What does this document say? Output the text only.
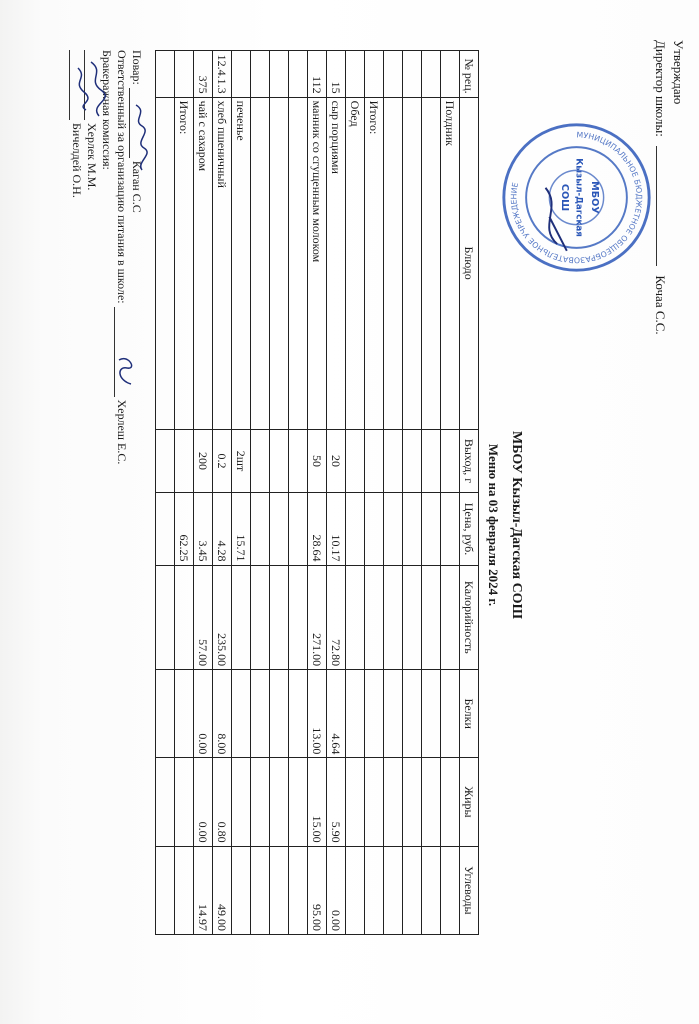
Утверждаю
Директор школы:  Кочаа С.С.
МУНИЦИПАЛЬНОЕ БЮДЖЕТНОЕ ОБЩЕОБРАЗОВАТЕЛЬНОЕ УЧРЕЖДЕНИЕ	МБОУ
Кызыл-Дагская
СОШ
МБОУ Кызыл-Дагская СОШ
Меню на 03 февраля 2024 г.
№ рец.	Блюдо	Выход, г	Цена, руб.	Калорийность	Белки	Жиры	Углеводы
	Полдник						

	Итого:						
	Обед						
15	сыр порциями	20	10.17	72.80	4.64	5.90	0.00
112	манник со сгущенным молоком	50	28.64	271.00	13.00	15.00	95.00

	печенье	2шт	15.71				
12.4.1.3	хлеб пшеничный	0.2	4.28	235.00	8.00	0.80	49.00
375	чай с сахаром	200	3.45	57.00	0.00	0.00	14.97
	Итого:		62.25				

Повар:  Каган С.С
Ответственный за организацию питания в школе:  Херлеш Е.С.
Бракеражная комиссия:
Херлек М.М.
Бичелдей О.Н.
